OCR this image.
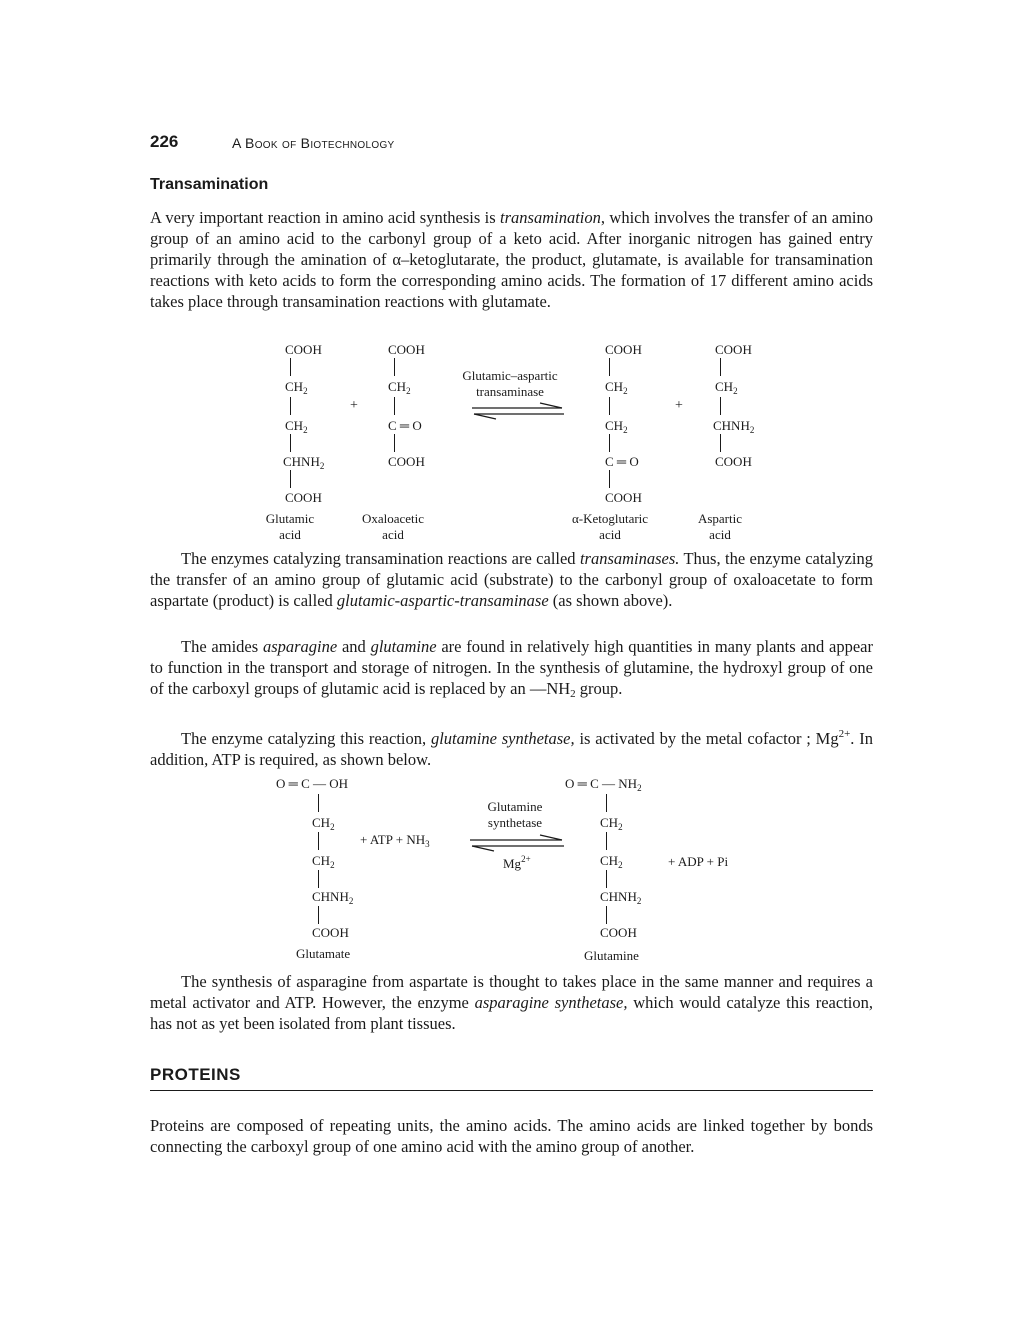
226	A Book of Biotechnology
Transamination

A very important reaction in amino acid synthesis is transamination, which involves the transfer of an amino group of an amino acid to the carbonyl group of a keto acid. After inorganic nitrogen has gained entry primarily through the amination of α–ketoglutarate, the product, glutamate, is available for transamination reactions with keto acids to form the corresponding amino acids. The formation of 17 different amino acids takes place through transamination reactions with glutamate.

COOH
$CH_2$
$CH_2$
$CHNH_2$
COOH
+
COOH
$CH_2$
C ═ O
COOH
Glutamic–aspartic
transaminase
COOH
$CH_2$
$CH_2$
C ═ O
COOH
+
COOH
$CH_2$
$CHNH_2$
COOH
Glutamic
acid
Oxaloacetic
acid
α-Ketoglutaric
acid
Aspartic
acid

The enzymes catalyzing transamination reactions are called transaminases. Thus, the enzyme catalyzing the transfer of an amino group of glutamic acid (substrate) to the carbonyl group of oxaloacetate to form aspartate (product) is called glutamic-aspartic-transaminase (as shown above).

The amides asparagine and glutamine are found in relatively high quantities in many plants and appear to function in the transport and storage of nitrogen. In the synthesis of glutamine, the hydroxyl group of one of the carboxyl groups of glutamic acid is replaced by an $—NH_2$ group.

The enzyme catalyzing this reaction, glutamine synthetase, is activated by the metal cofactor ; $Mg^{2+}$. In addition, ATP is required, as shown below.

O ═ C — OH
$CH_2$
$CH_2$
$CHNH_2$
COOH
Glutamate
+ ATP + $NH_3$
Glutamine
synthetase
$Mg^{2+}$
O ═ C — $NH_2$
$CH_2$
$CH_2$
$CHNH_2$
COOH
Glutamine
+ ADP + Pi

The synthesis of asparagine from aspartate is thought to takes place in the same manner and requires a metal activator and ATP. However, the enzyme asparagine synthetase, which would catalyze this reaction, has not as yet been isolated from plant tissues.

PROTEINS

Proteins are composed of repeating units, the amino acids. The amino acids are linked together by bonds connecting the carboxyl group of one amino acid with the amino group of another.
